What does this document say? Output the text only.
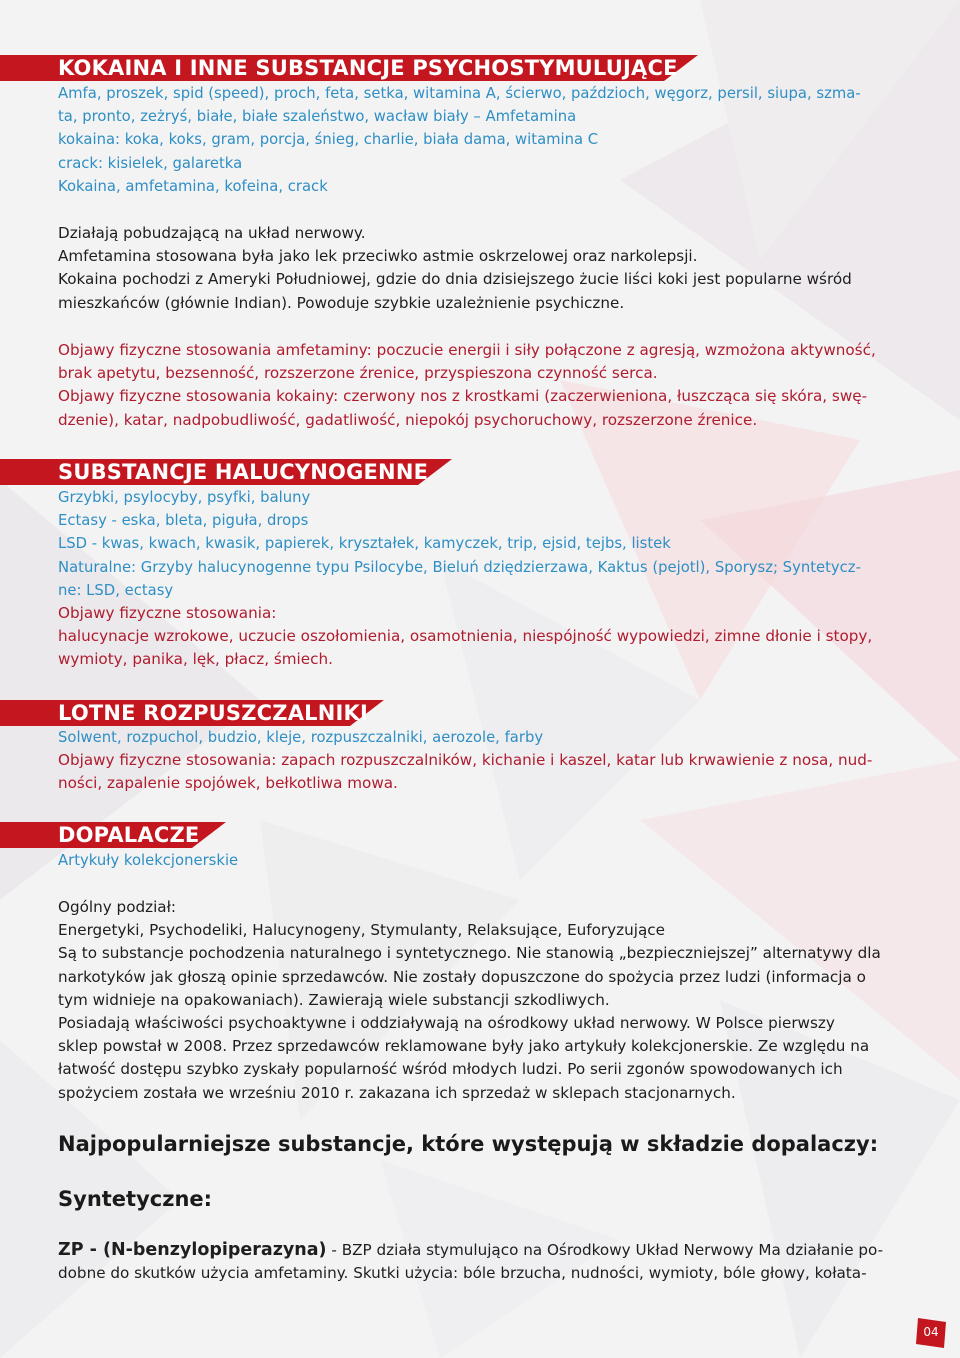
KOKAINA I INNE SUBSTANCJE PSYCHOSTYMULUJĄCE
Amfa, proszek, spid (speed), proch, feta, setka, witamina A, ścierwo, paździoch, węgorz, persil, siupa, szma-
ta, pronto, zeżryś, białe, białe szaleństwo, wacław biały – Amfetamina
kokaina: koka, koks, gram, porcja, śnieg, charlie, biała dama, witamina C
crack: kisielek, galaretka
Kokaina, amfetamina, kofeina, crack
Działają pobudzającą na układ nerwowy.
Amfetamina stosowana była jako lek przeciwko astmie oskrzelowej oraz narkolepsji.
Kokaina pochodzi z Ameryki Południowej, gdzie do dnia dzisiejszego żucie liści koki jest popularne wśród
mieszkańców (głównie Indian). Powoduje szybkie uzależnienie psychiczne.
Objawy fizyczne stosowania amfetaminy: poczucie energii i siły połączone z agresją, wzmożona aktywność,
brak apetytu, bezsenność, rozszerzone źrenice, przyspieszona czynność serca.
Objawy fizyczne stosowania kokainy: czerwony nos z krostkami (zaczerwieniona, łuszcząca się skóra, swę-
dzenie), katar, nadpobudliwość, gadatliwość, niepokój psychoruchowy, rozszerzone źrenice.
SUBSTANCJE HALUCYNOGENNE
Grzybki, psylocyby, psyfki, baluny
Ectasy - eska, bleta, piguła, drops
LSD - kwas, kwach, kwasik, papierek, kryształek, kamyczek, trip, ejsid, tejbs, listek
Naturalne: Grzyby halucynogenne typu Psilocybe, Bieluń dziędzierzawa, Kaktus (pejotl), Sporysz; Syntetycz-
ne: LSD, ectasy
Objawy fizyczne stosowania:
halucynacje wzrokowe, uczucie oszołomienia, osamotnienia, niespójność wypowiedzi, zimne dłonie i stopy,
wymioty, panika, lęk, płacz, śmiech.
LOTNE ROZPUSZCZALNIKI
Solwent, rozpuchol, budzio, kleje, rozpuszczalniki, aerozole, farby
Objawy fizyczne stosowania: zapach rozpuszczalników, kichanie i kaszel, katar lub krwawienie z nosa, nud-
ności, zapalenie spojówek, bełkotliwa mowa.
DOPALACZE
Artykuły kolekcjonerskie
Ogólny podział:
Energetyki, Psychodeliki, Halucynogeny, Stymulanty, Relaksujące, Euforyzujące
Są to substancje pochodzenia naturalnego i syntetycznego. Nie stanowią „bezpieczniejszej” alternatywy dla
narkotyków jak głoszą opinie sprzedawców. Nie zostały dopuszczone do spożycia przez ludzi (informacja o
tym widnieje na opakowaniach). Zawierają wiele substancji szkodliwych.
Posiadają właściwości psychoaktywne i oddziaływają na ośrodkowy układ nerwowy. W Polsce pierwszy
sklep powstał w 2008. Przez sprzedawców reklamowane były jako artykuły kolekcjonerskie. Ze względu na
łatwość dostępu szybko zyskały popularność wśród młodych ludzi. Po serii zgonów spowodowanych ich
spożyciem została we wrześniu 2010 r. zakazana ich sprzedaż w sklepach stacjonarnych.
Najpopularniejsze substancje, które występują w składzie dopalaczy:
Syntetyczne:
ZP - (N-benzylopiperazyna) - BZP działa stymulująco na Ośrodkowy Układ Nerwowy Ma działanie po-
dobne do skutków użycia amfetaminy. Skutki użycia: bóle brzucha, nudności, wymioty, bóle głowy, kołata-
04
